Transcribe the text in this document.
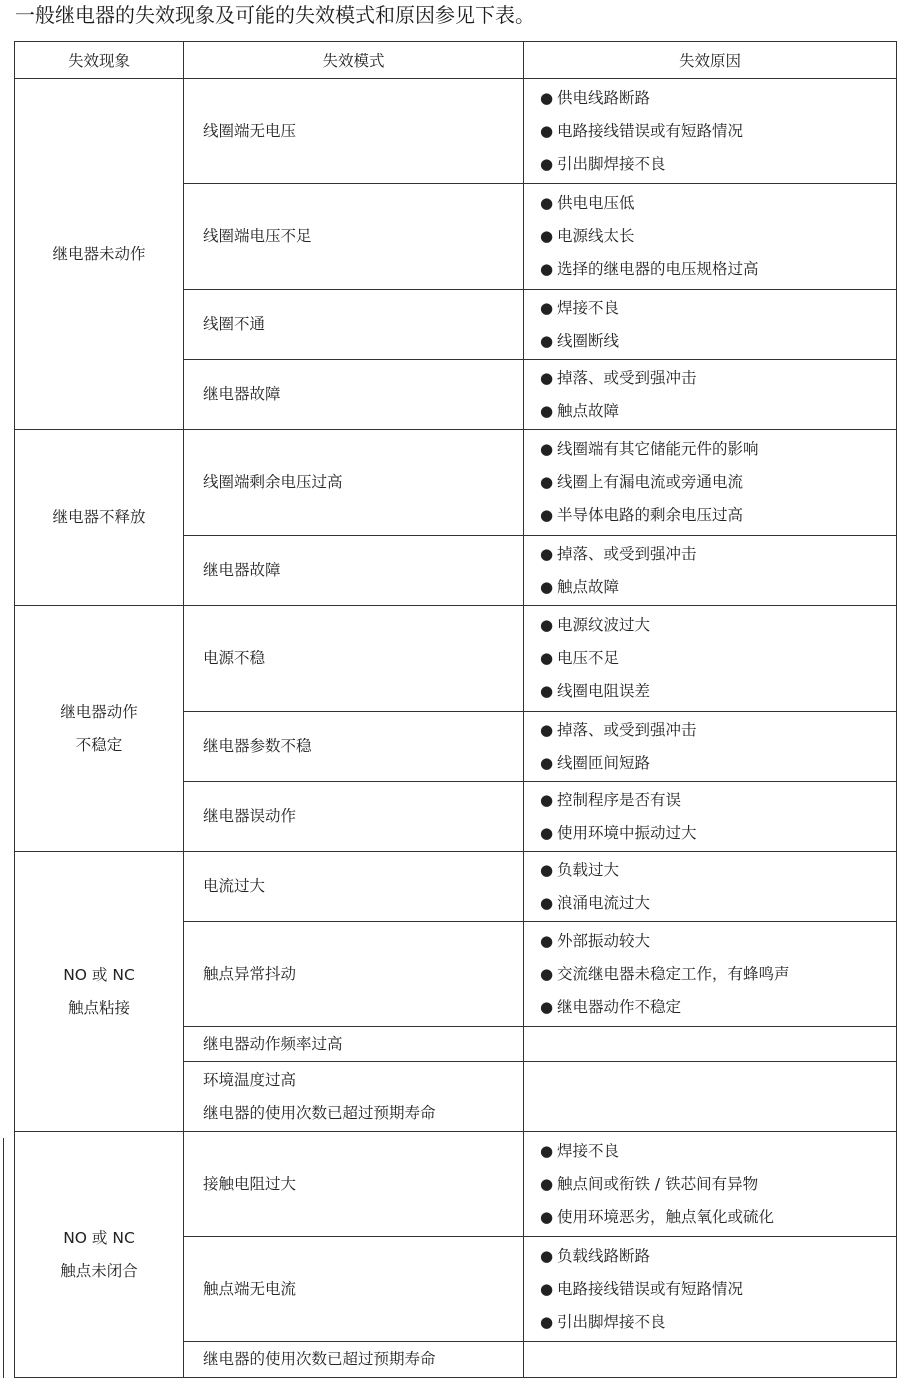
一般继电器的失效现象及可能的失效模式和原因参见下表。
失效现象	失效模式	失效原因

继电器未动作	线圈端无电压	● 供电线路断路
● 电路接线错误或有短路情况
● 引出脚焊接不良

	线圈端电压不足	● 供电电压低
● 电源线太长
● 选择的继电器的电压规格过高

	线圈不通	● 焊接不良
● 线圈断线

	继电器故障	● 掉落、或受到强冲击
● 触点故障

继电器不释放	线圈端剩余电压过高	● 线圈端有其它储能元件的影响
● 线圈上有漏电流或旁通电流
● 半导体电路的剩余电压过高

	继电器故障	● 掉落、或受到强冲击
● 触点故障

继电器动作
不稳定	电源不稳	● 电源纹波过大
● 电压不足
● 线圈电阻误差

	继电器参数不稳	● 掉落、或受到强冲击
● 线圈匝间短路

	继电器误动作	● 控制程序是否有误
● 使用环境中振动过大

NO 或 NC
触点粘接	电流过大	● 负载过大
● 浪涌电流过大

	触点异常抖动	● 外部振动较大
● 交流继电器未稳定工作，有蜂鸣声
● 继电器动作不稳定

	继电器动作频率过高	

	环境温度过高
继电器的使用次数已超过预期寿命	

NO 或 NC
触点未闭合	接触电阻过大	● 焊接不良
● 触点间或衔铁 / 铁芯间有异物
● 使用环境恶劣，触点氧化或硫化

	触点端无电流	● 负载线路断路
● 电路接线错误或有短路情况
● 引出脚焊接不良

	继电器的使用次数已超过预期寿命	
